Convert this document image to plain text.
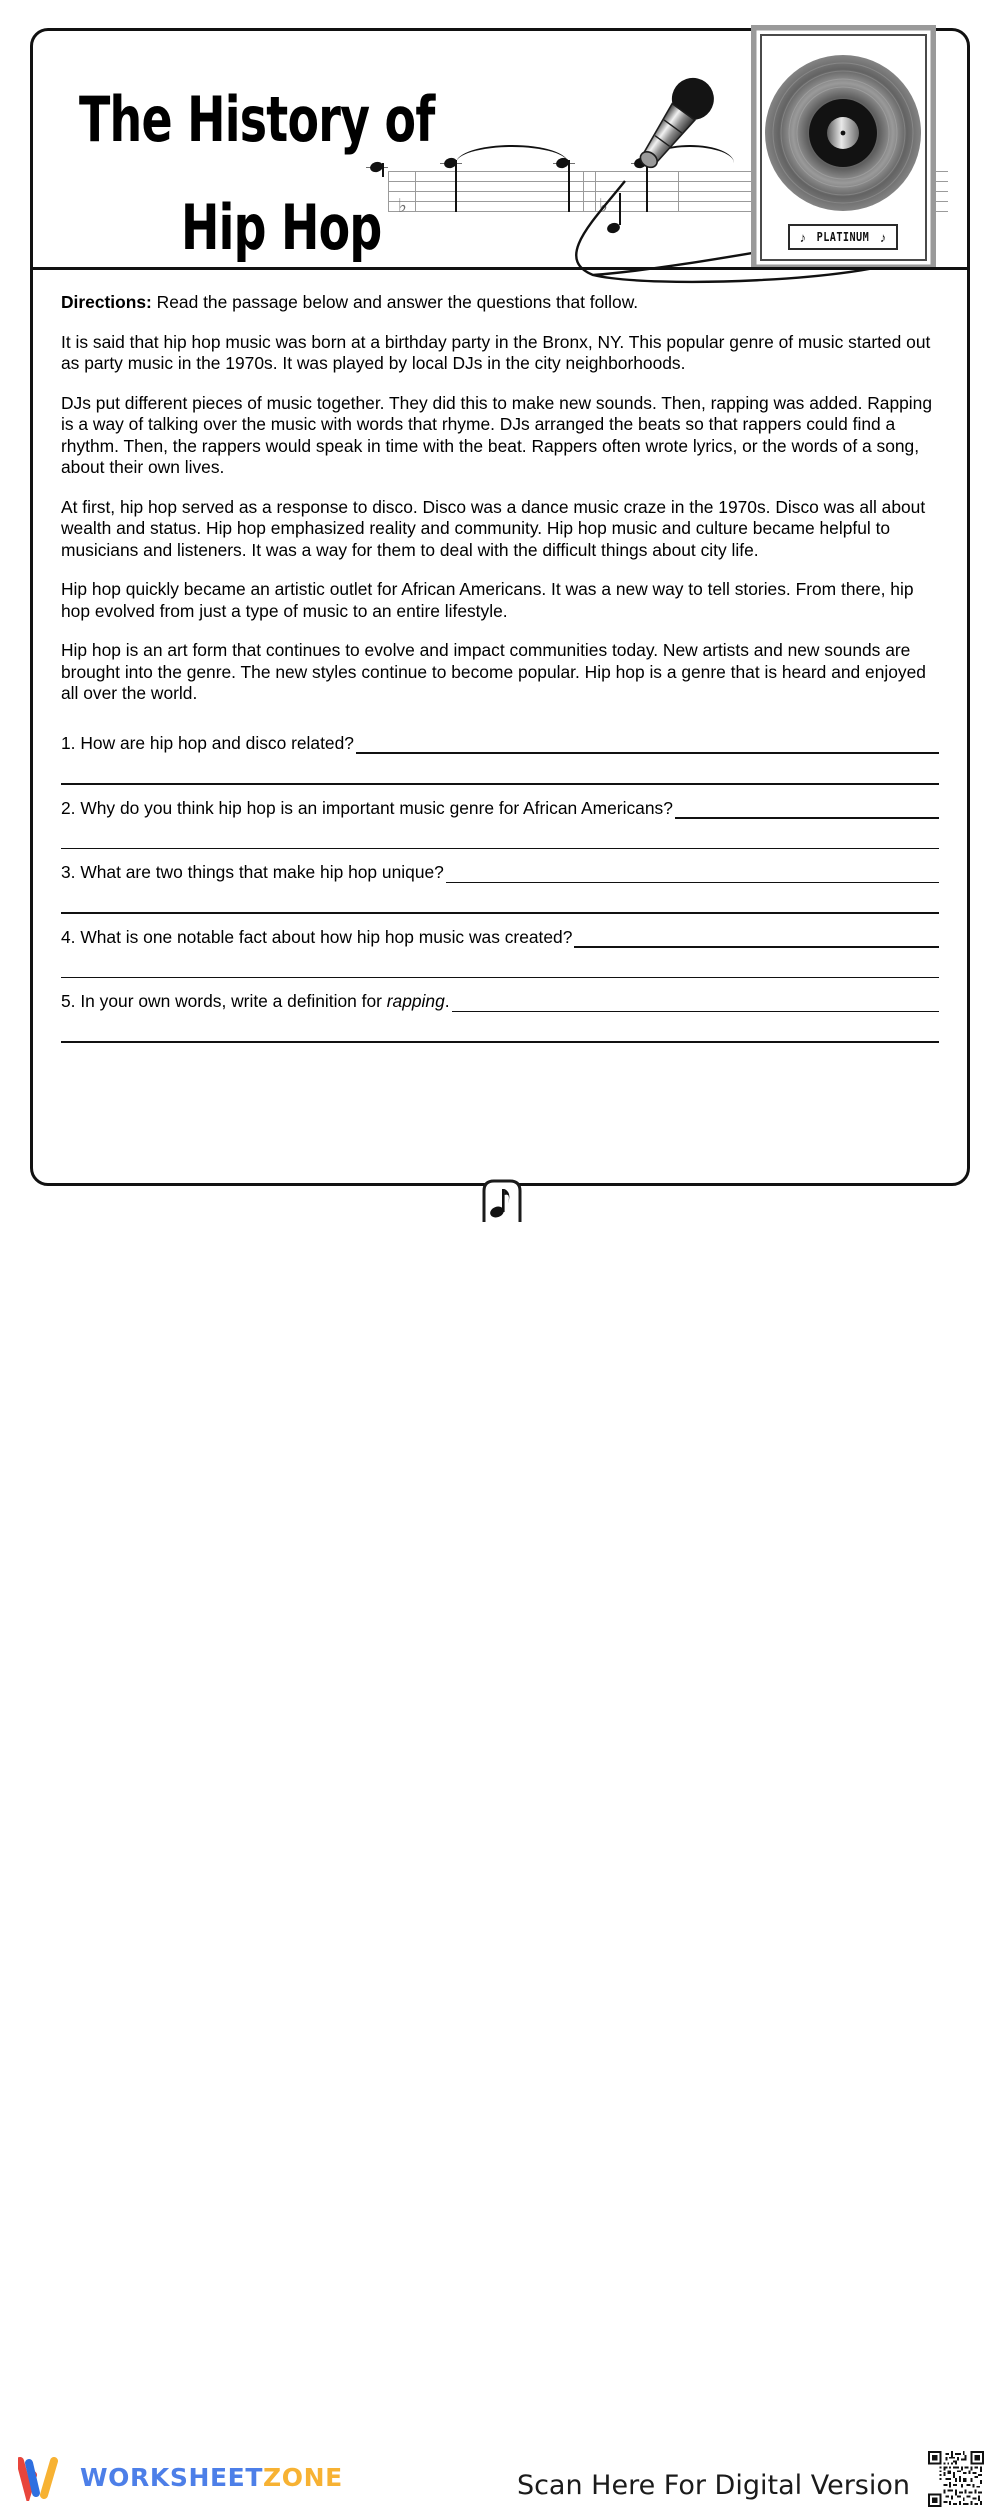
The History of
Hip Hop ♭	♭
♪ PLATINUM ♪

Directions: Read the passage below and answer the questions that follow.

It is said that hip hop music was born at a birthday party in the Bronx, NY. This popular genre of music started out as party music in the 1970s. It was played by local DJs in the city neighborhoods.

DJs put different pieces of music together. They did this to make new sounds. Then, rapping was added. Rapping is a way of talking over the music with words that rhyme. DJs arranged the beats so that rappers could find a rhythm. Then, the rappers would speak in time with the beat. Rappers often wrote lyrics, or the words of a song, about their own lives.

At first, hip hop served as a response to disco. Disco was a dance music craze in the 1970s. Disco was all about wealth and status. Hip hop emphasized reality and community. Hip hop music and culture became helpful to musicians and listeners. It was a way for them to deal with the difficult things about city life.

Hip hop quickly became an artistic outlet for African Americans. It was a new way to tell stories. From there, hip hop evolved from just a type of music to an entire lifestyle.

Hip hop is an art form that continues to evolve and impact communities today. New artists and new sounds are brought into the genre. The new styles continue to become popular. Hip hop is a genre that is heard and enjoyed all over the world.

1. How are hip hop and disco related?
2. Why do you think hip hop is an important music genre for African Americans?
3. What are two things that make hip hop unique?
4. What is one notable fact about how hip hop music was created?
5. In your own words, write a definition for rapping.
WORKSHEETZONE	Scan Here For Digital Version
